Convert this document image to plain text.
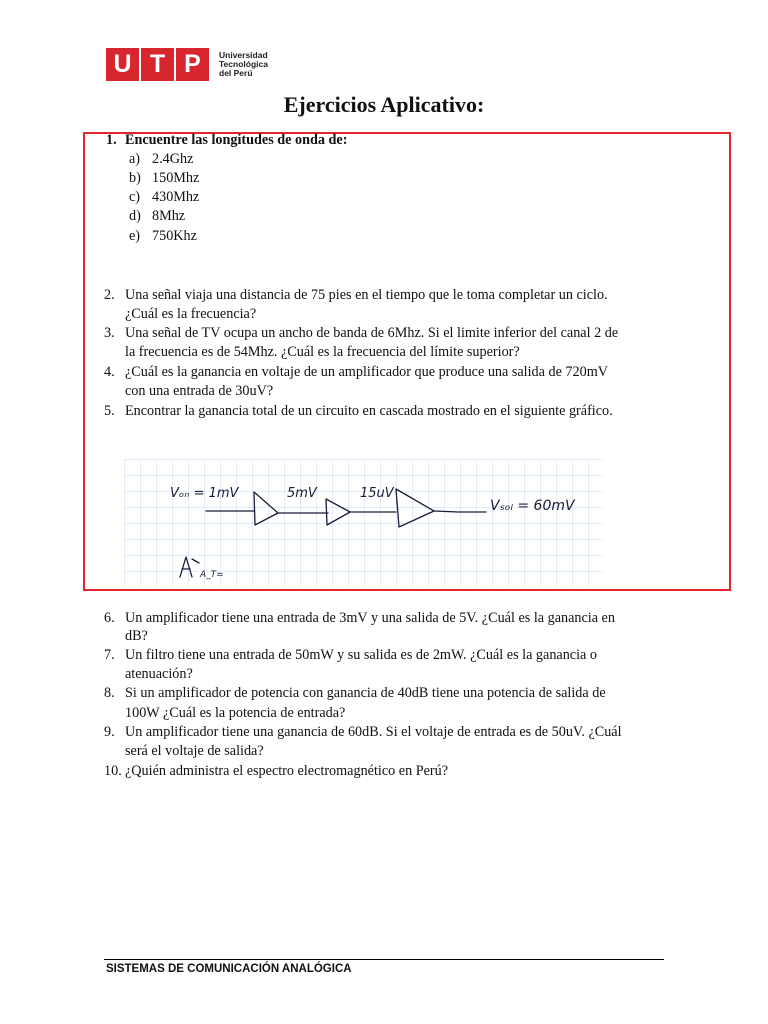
U T P	Universidad
Tecnológica
del Perú
Ejercicios Aplicativo:
1. Encuentre las longitudes de onda de:
a) 2.4Ghz
b) 150Mhz
c) 430Mhz
d) 8Mhz
e) 750Khz
2. Una señal viaja una distancia de 75 pies en el tiempo que le toma completar un ciclo.
¿Cuál es la frecuencia?
3. Una señal de TV ocupa un ancho de banda de 6Mhz. Si el limite inferior del canal 2 de
la frecuencia es de 54Mhz. ¿Cuál es la frecuencia del límite superior?
4. ¿Cuál es la ganancia en voltaje de un amplificador que produce una salida de 720mV
con una entrada de 30uV?
5. Encontrar la ganancia total de un circuito en cascada mostrado en el siguiente gráfico.
Vₒₙ = 1mV	5mV	15uV
Vₛₒₗ = 60mV
A_T=
6. Un amplificador tiene una entrada de 3mV y una salida de 5V. ¿Cuál es la ganancia en
dB?
7. Un filtro tiene una entrada de 50mW y su salida es de 2mW. ¿Cuál es la ganancia o
atenuación?
8. Si un amplificador de potencia con ganancia de 40dB tiene una potencia de salida de
100W ¿Cuál es la potencia de entrada?
9. Un amplificador tiene una ganancia de 60dB. Si el voltaje de entrada es de 50uV. ¿Cuál
será el voltaje de salida?
10. ¿Quién administra el espectro electromagnético en Perú?
SISTEMAS DE COMUNICACIÓN ANALÓGICA
